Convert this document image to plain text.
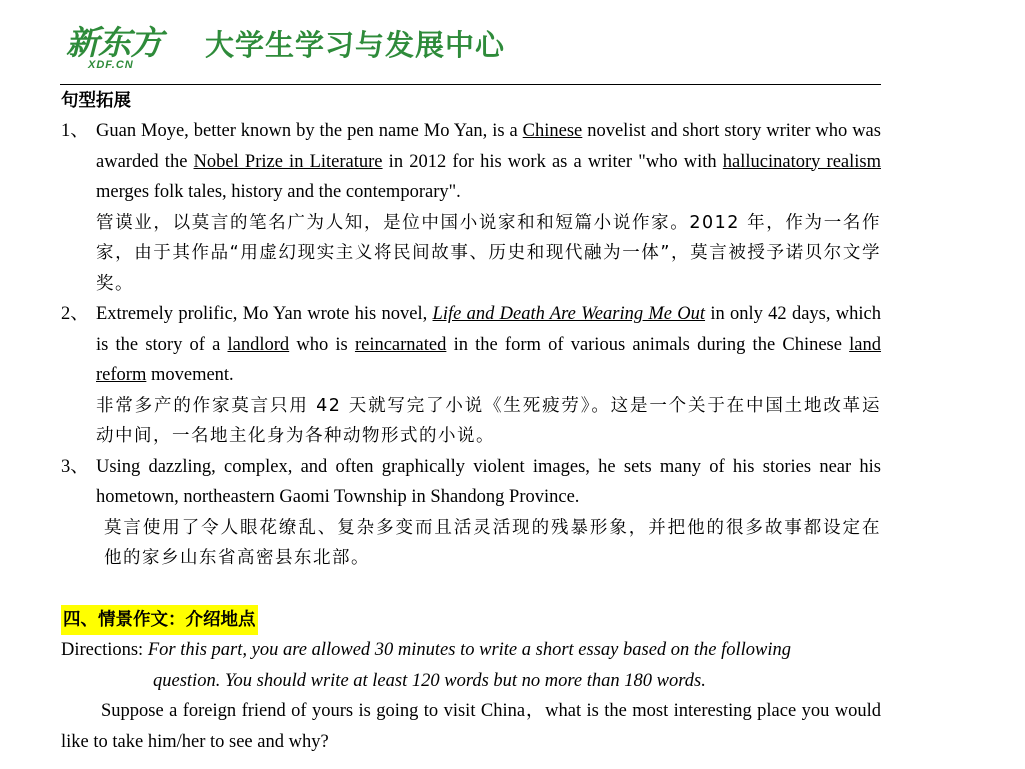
新东方
XDF.CN
大学生学习与发展中心
句型拓展
1、 Guan Moye, better known by the pen name Mo Yan, is a Chinese novelist and short story writer who was awarded the Nobel Prize in Literature in 2012 for his work as a writer "who with hallucinatory realism merges folk tales, history and the contemporary".
管谟业，以莫言的笔名广为人知，是位中国小说家和和短篇小说作家。2012 年，作为一名作家，由于其作品“用虚幻现实主义将民间故事、历史和现代融为一体”，莫言被授予诺贝尔文学奖。
2、 Extremely prolific, Mo Yan wrote his novel, Life and Death Are Wearing Me Out in only 42 days, which is the story of a landlord who is reincarnated in the form of various animals during the Chinese land reform movement.
非常多产的作家莫言只用 42 天就写完了小说《生死疲劳》。这是一个关于在中国土地改革运动中间，一名地主化身为各种动物形式的小说。
3、 Using dazzling, complex, and often graphically violent images, he sets many of his stories near his hometown, northeastern Gaomi Township in Shandong Province.
莫言使用了令人眼花缭乱、复杂多变而且活灵活现的残暴形象，并把他的很多故事都设定在他的家乡山东省高密县东北部。
四、情景作文：介绍地点
Directions: For this part, you are allowed 30 minutes to write a short essay based on the following
question. You should write at least 120 words but no more than 180 words.
Suppose a foreign friend of yours is going to visit China，what is the most interesting place you would like to take him/her to see and why?
